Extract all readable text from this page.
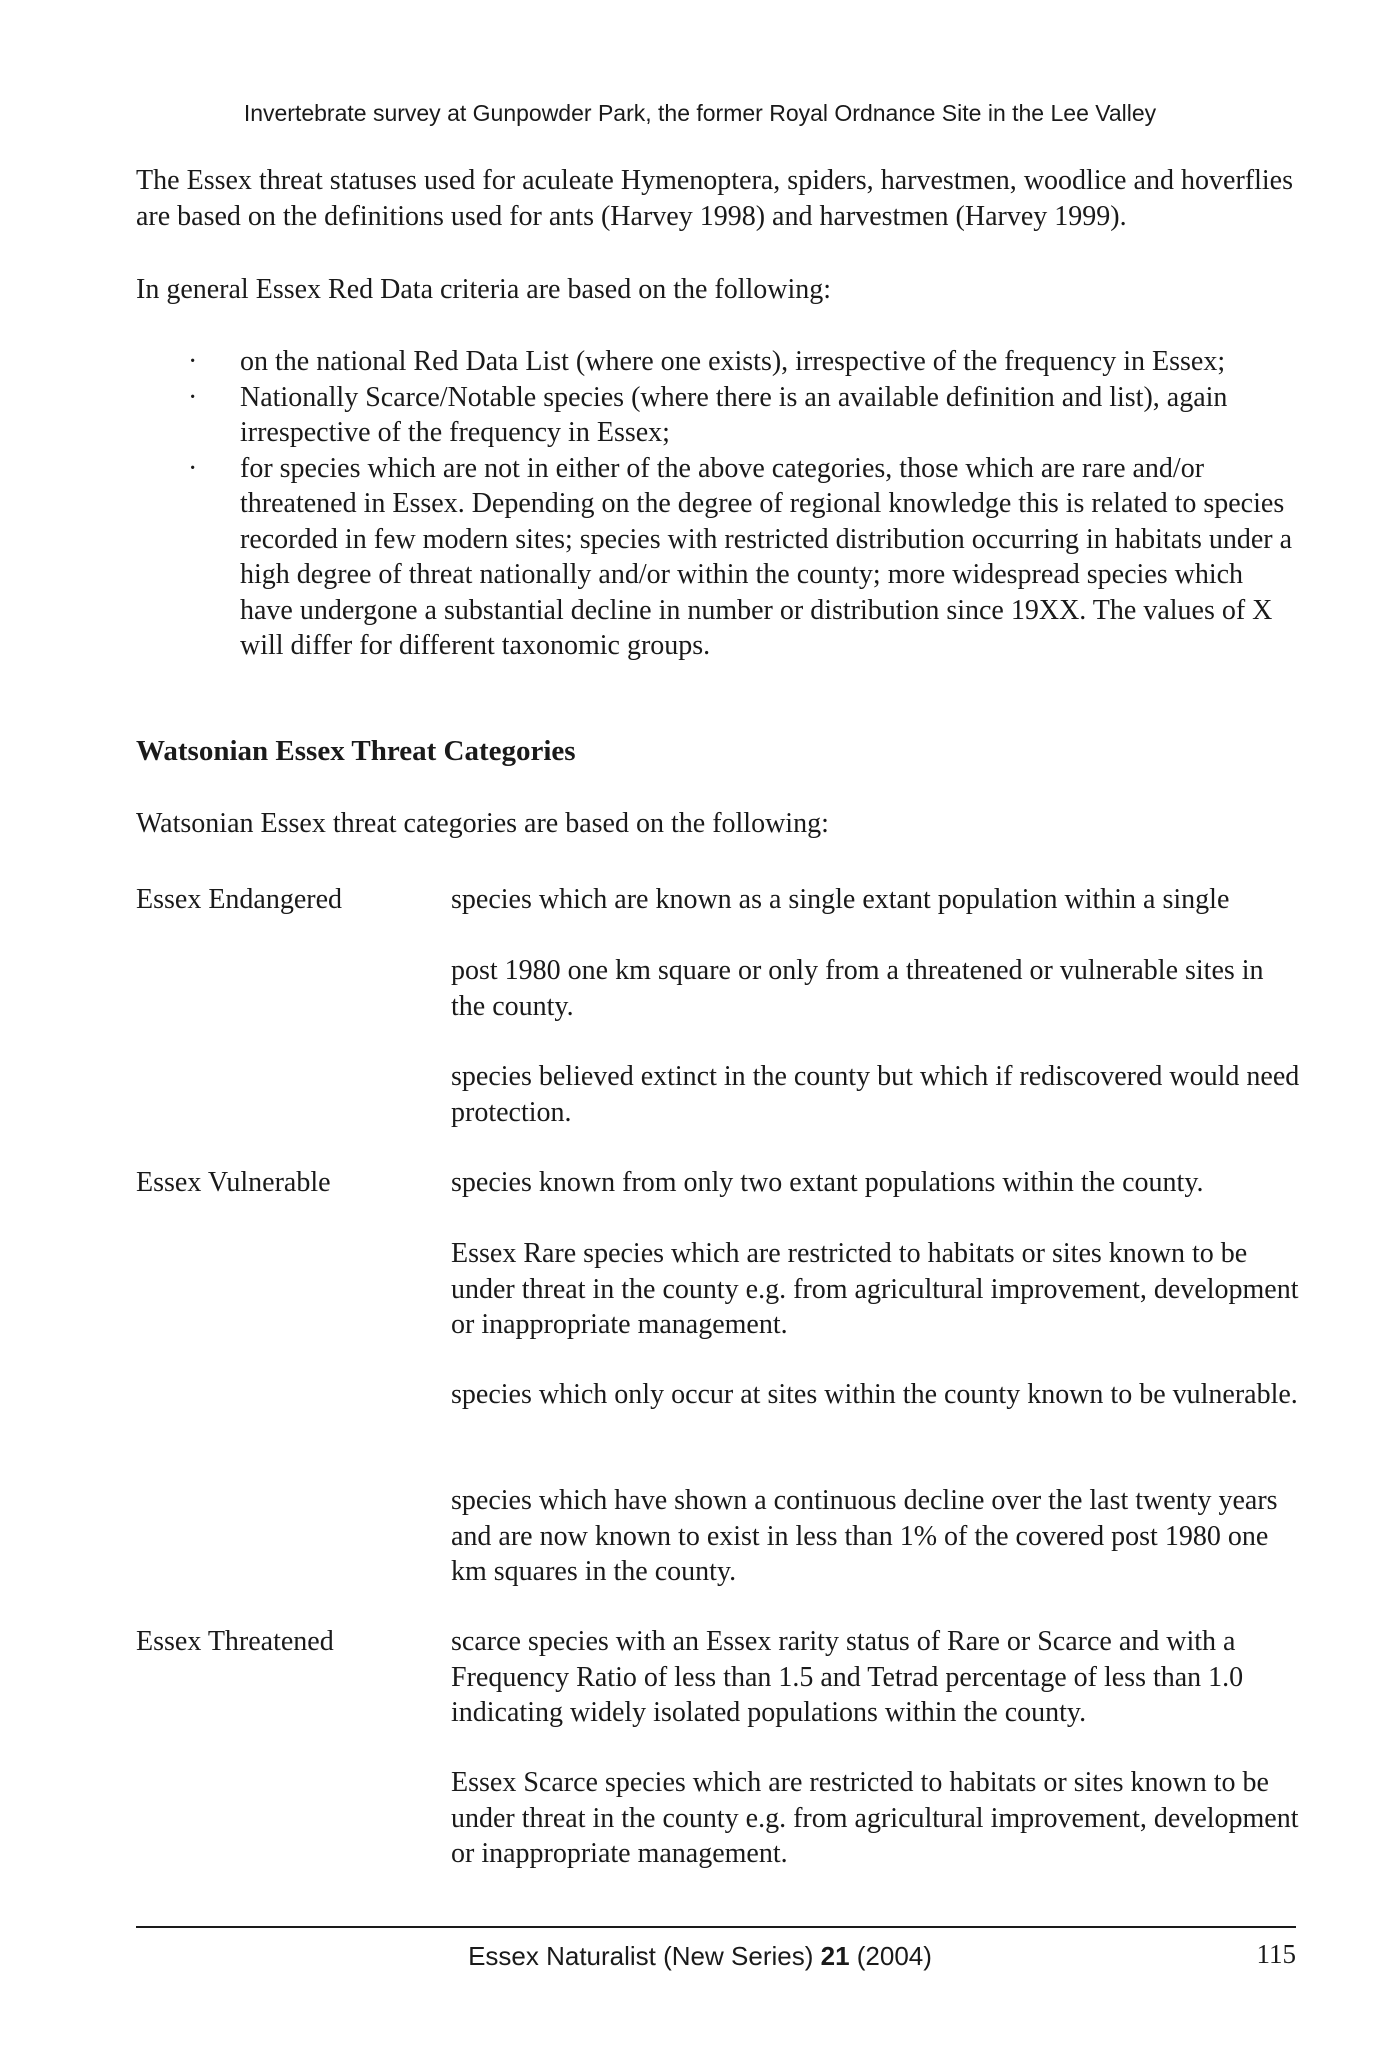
Invertebrate survey at Gunpowder Park, the former Royal Ordnance Site in the Lee Valley

The Essex threat statuses used for aculeate Hymenoptera, spiders, harvestmen, woodlice and hoverflies are based on the definitions used for ants (Harvey 1998) and harvestmen (Harvey 1999).

In general Essex Red Data criteria are based on the following:

· on the national Red Data List (where one exists), irrespective of the frequency in Essex;
· Nationally Scarce/Notable species (where there is an available definition and list), again irrespective of the frequency in Essex;
· for species which are not in either of the above categories, those which are rare and/or threatened in Essex. Depending on the degree of regional knowledge this is related to species recorded in few modern sites; species with restricted distribution occurring in habitats under a high degree of threat nationally and/or within the county; more widespread species which have undergone a substantial decline in number or distribution since 19XX. The values of X will differ for different taxonomic groups.
Watsonian Essex Threat Categories

Watsonian Essex threat categories are based on the following:

Essex Endangered	species which are known as a single extant population within a single

post 1980 one km square or only from a threatened or vulnerable sites in the county.

species believed extinct in the county but which if rediscovered would need protection.

Essex Vulnerable	species known from only two extant populations within the county.

Essex Rare species which are restricted to habitats or sites known to be under threat in the county e.g. from agricultural improvement, development or inappropriate management.

species which only occur at sites within the county known to be vulnerable.

species which have shown a continuous decline over the last twenty years and are now known to exist in less than 1% of the covered post 1980 one km squares in the county.

Essex Threatened	scarce species with an Essex rarity status of Rare or Scarce and with a Frequency Ratio of less than 1.5 and Tetrad percentage of less than 1.0 indicating widely isolated populations within the county.

Essex Scarce species which are restricted to habitats or sites known to be under threat in the county e.g. from agricultural improvement, development or inappropriate management.

Essex Naturalist (New Series) 21 (2004)	115
